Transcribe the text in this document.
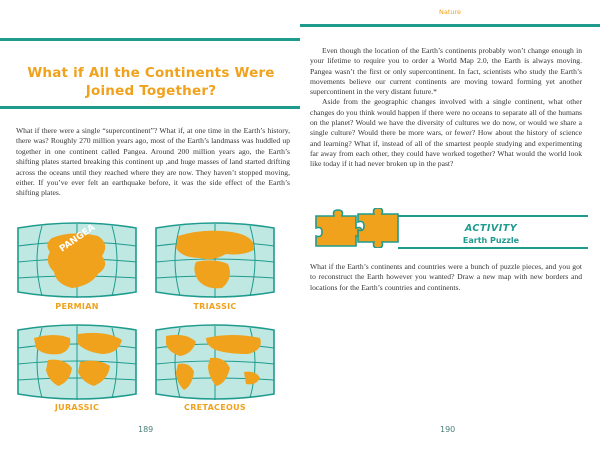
What if All the Continents Were Joined Together?
What if there were a single “supercontinent”? What if, at one time in the Earth’s history, there was? Roughly 270 million years ago, most of the Earth’s landmass was huddled up together in one continent called Pangea. Around 200 million years ago, the Earth’s shifting plates started breaking this continent up ,and huge masses of land started drifting across the oceans until they reached where they are now. They haven’t stopped moving, either. If you’ve ever felt an earthquake before, it was the side effect of the Earth’s shifting plates.
PANGEA
PERMIAN	TRIASSIC
JURASSIC	CRETACEOUS
189
Nature

Even though the location of the Earth’s continents probably won’t change enough in your lifetime to require you to order a World Map 2.0, the Earth is always moving. Pangea wasn’t the first or only supercontinent. In fact, scientists who study the Earth’s movements believe our current continents are moving toward forming yet another supercontinent in the very distant future.*

Aside from the geographic changes involved with a single continent, what other changes do you think would happen if there were no oceans to separate all of the humans on the planet? Would we have the diversity of cultures we do now, or would we share a single culture? Would there be more wars, or fewer? How about the history of science and learning? What if, instead of all of the smartest people studying and experimenting far away from each other, they could have worked together? What would the world look like today if it had never broken up in the past?

ACTIVITY
Earth Puzzle
What if the Earth’s continents and countries were a bunch of puzzle pieces, and you got to reconstruct the Earth however you wanted? Draw a new map with new borders and locations for the Earth’s countries and continents.
190
